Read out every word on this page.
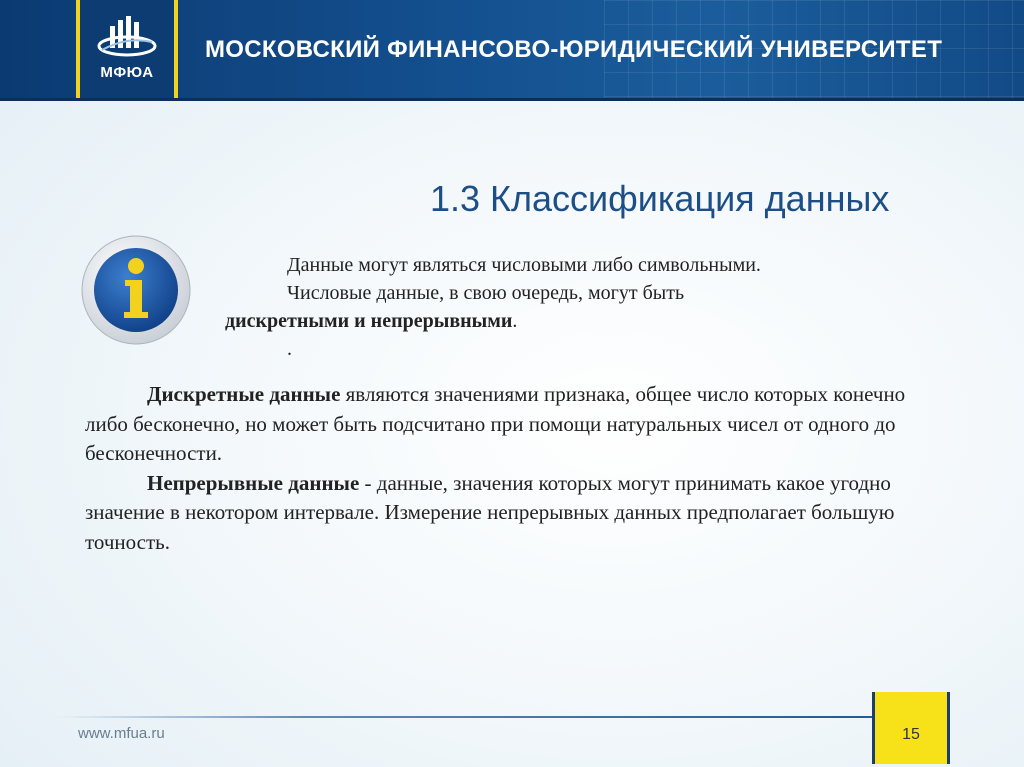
МФЮА
МОСКОВСКИЙ ФИНАНСОВО-ЮРИДИЧЕСКИЙ УНИВЕРСИТЕТ
1.3 Классификация данных

Данные могут являться числовыми либо символьными.

Числовые данные, в свою очередь, могут быть

дискретными и непрерывными.

.

Дискретные данные являются значениями признака, общее число которых конечно либо бесконечно, но может быть подсчитано при помощи натуральных чисел от одного до бесконечности.

Непрерывные данные - данные, значения которых могут принимать какое угодно значение в некотором интервале. Измерение непрерывных данных предполагает большую точность.

www.mfua.ru	15
